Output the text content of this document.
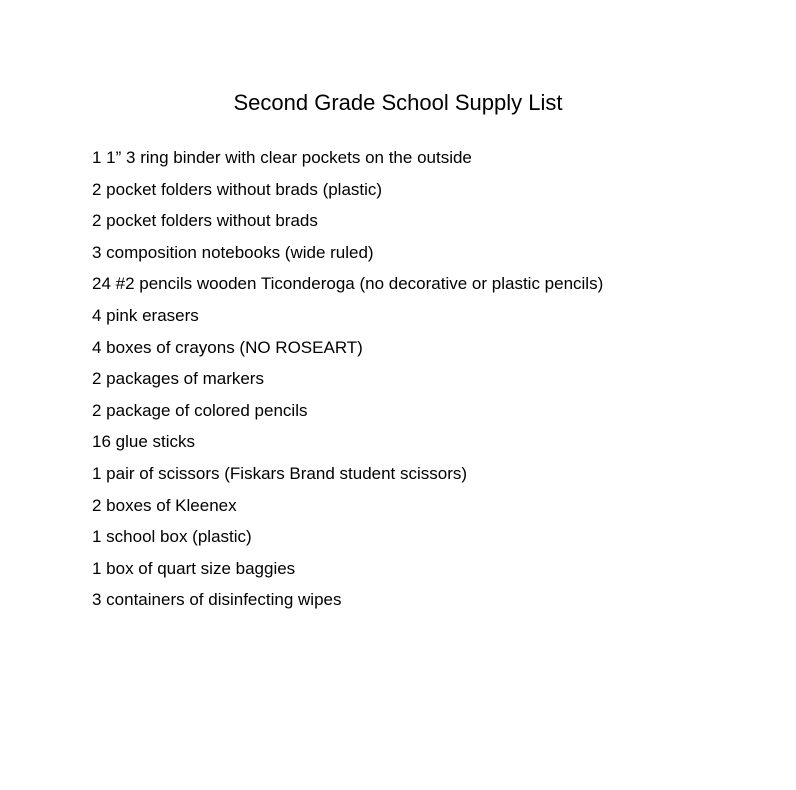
Second Grade School Supply List
1 1” 3 ring binder with clear pockets on the outside
2 pocket folders without brads (plastic)
2 pocket folders without brads
3 composition notebooks (wide ruled)
24 #2 pencils wooden Ticonderoga (no decorative or plastic pencils)
4 pink erasers
4 boxes of crayons (NO ROSEART)
2 packages of markers
2 package of colored pencils
16 glue sticks
1 pair of scissors (Fiskars Brand student scissors)
2 boxes of Kleenex
1 school box (plastic)
1 box of quart size baggies
3 containers of disinfecting wipes
